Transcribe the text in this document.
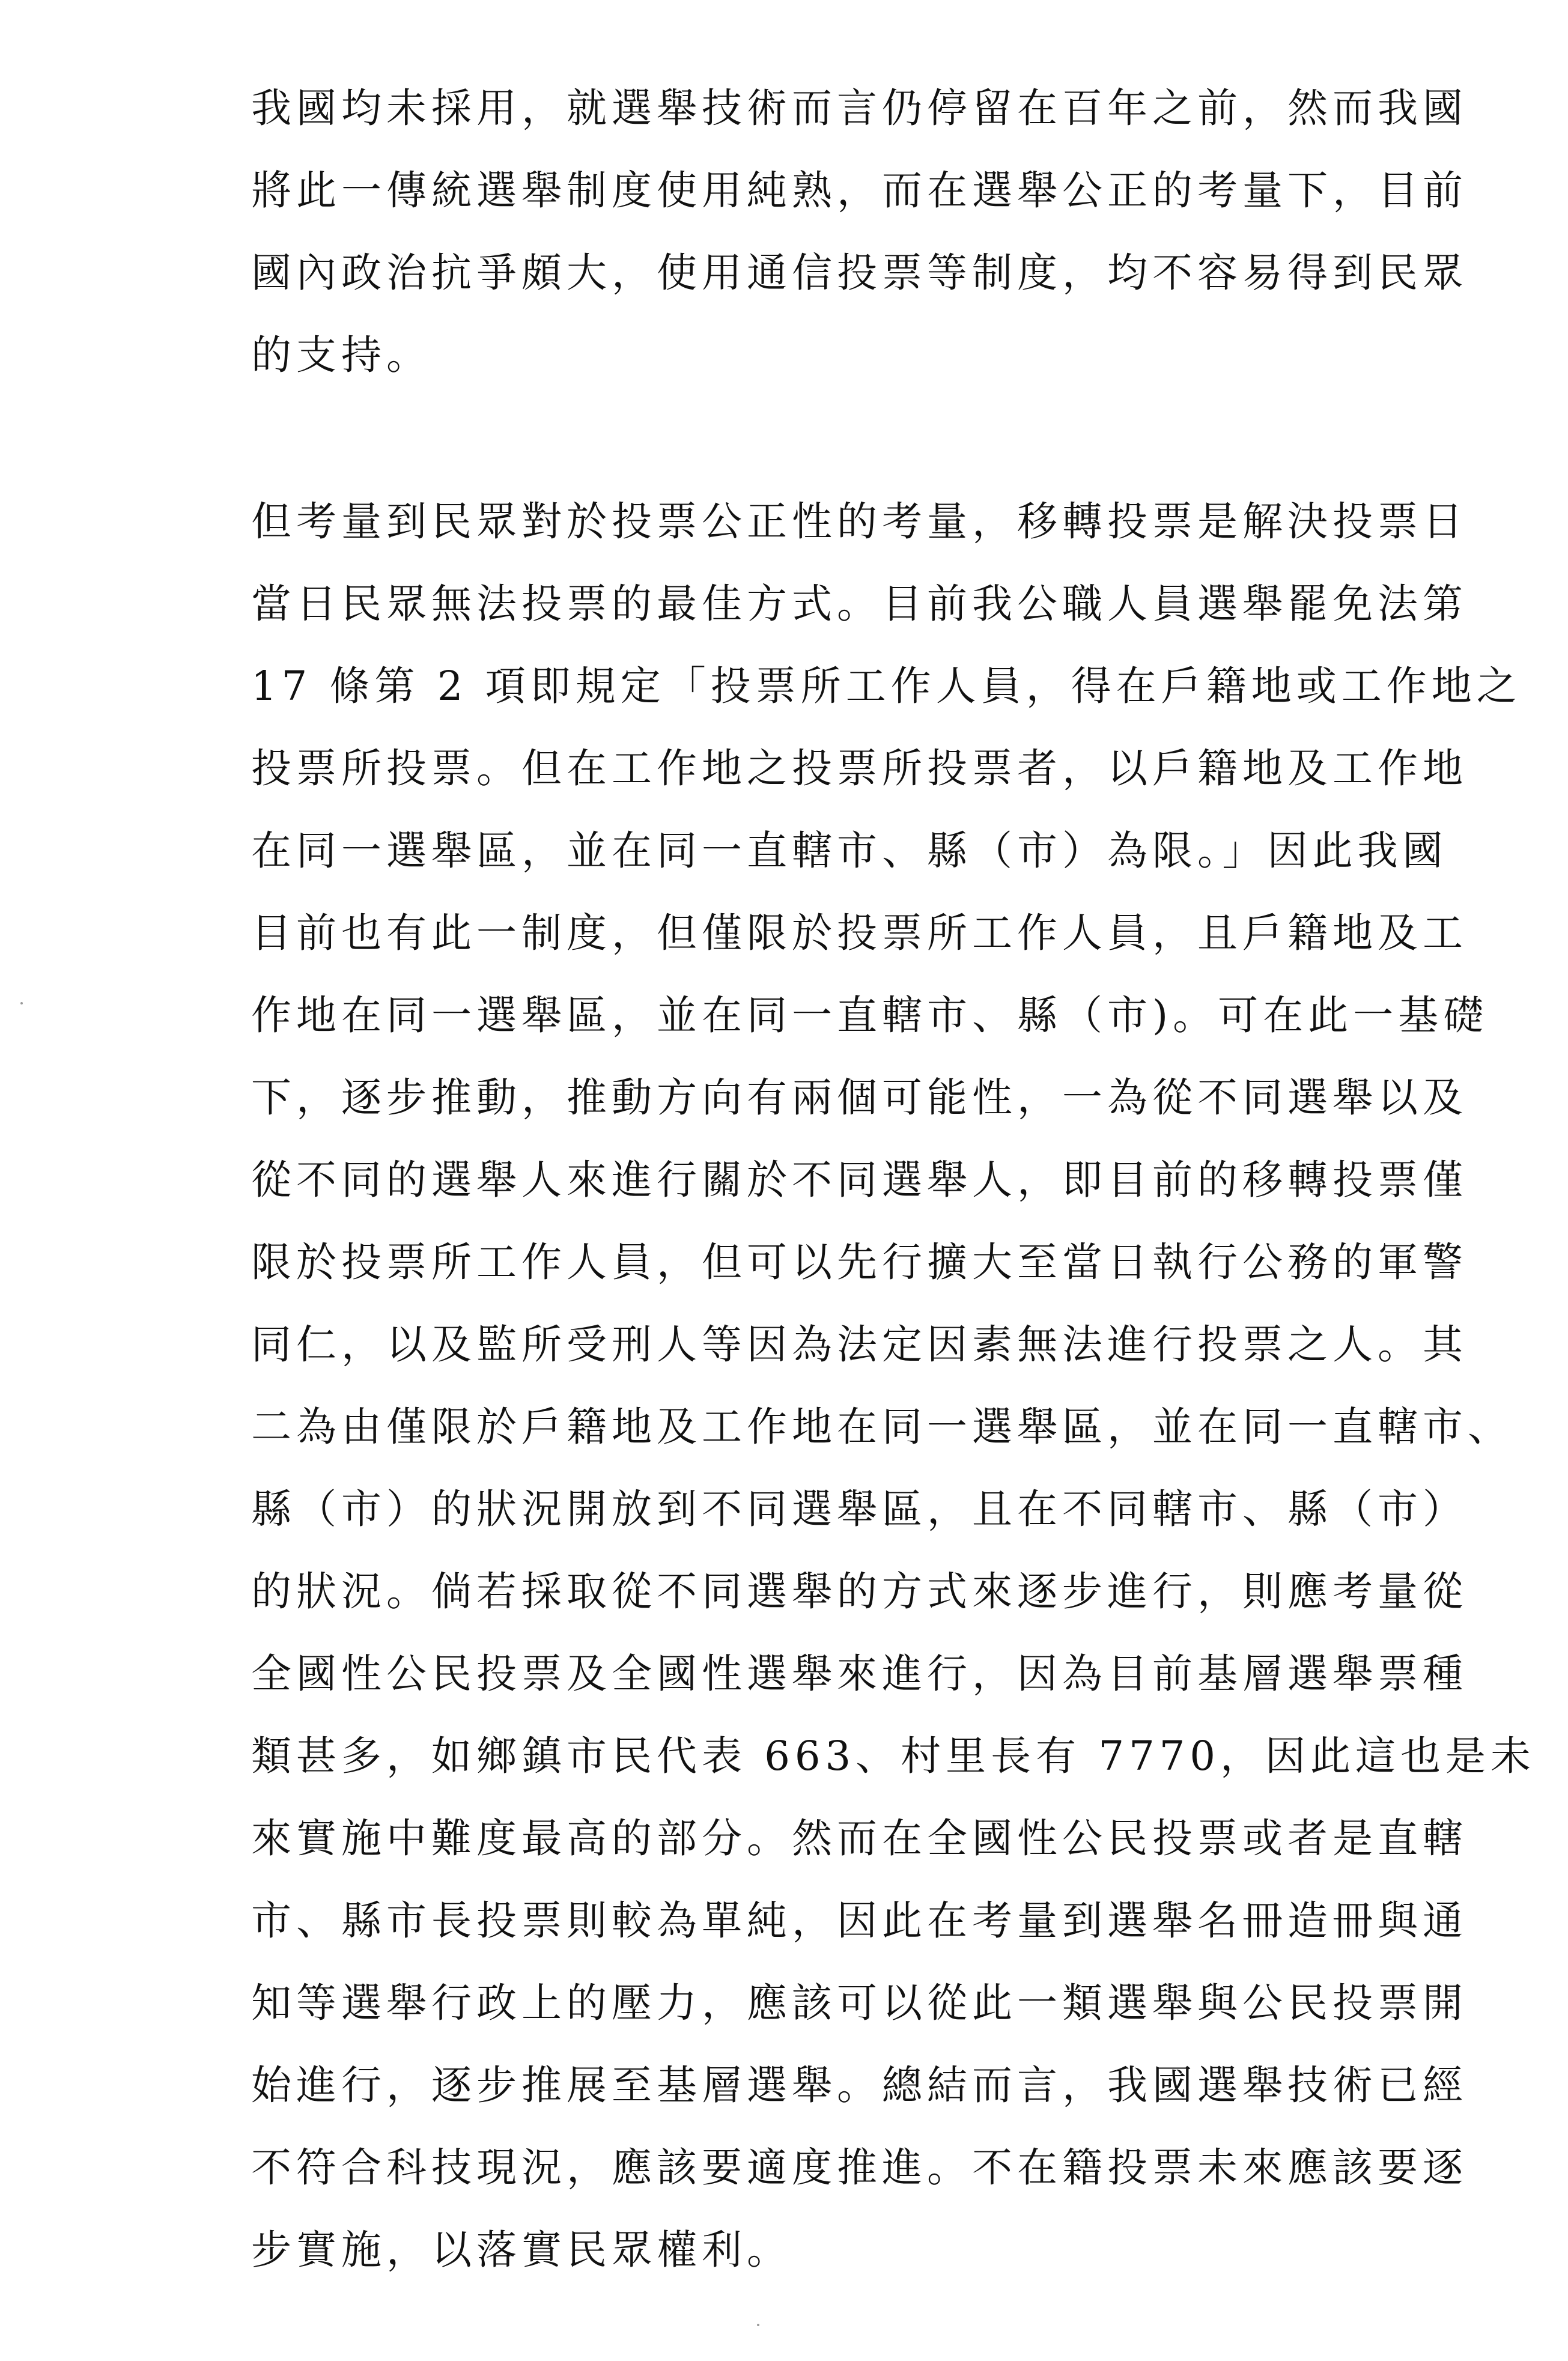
我國均未採用，就選舉技術而言仍停留在百年之前，然而我國
將此一傳統選舉制度使用純熟，而在選舉公正的考量下，目前
國內政治抗爭頗大，使用通信投票等制度，均不容易得到民眾
的支持。
但考量到民眾對於投票公正性的考量，移轉投票是解決投票日
當日民眾無法投票的最佳方式。目前我公職人員選舉罷免法第
17 條第 2 項即規定「投票所工作人員，得在戶籍地或工作地之
投票所投票。但在工作地之投票所投票者，以戶籍地及工作地
在同一選舉區，並在同一直轄市、縣（市）為限。」因此我國
目前也有此一制度，但僅限於投票所工作人員，且戶籍地及工
作地在同一選舉區，並在同一直轄市、縣（市)。可在此一基礎
下，逐步推動，推動方向有兩個可能性，一為從不同選舉以及
從不同的選舉人來進行關於不同選舉人，即目前的移轉投票僅
限於投票所工作人員，但可以先行擴大至當日執行公務的軍警
同仁，以及監所受刑人等因為法定因素無法進行投票之人。其
二為由僅限於戶籍地及工作地在同一選舉區，並在同一直轄市、
縣（市）的狀況開放到不同選舉區，且在不同轄市、縣（市）
的狀況。倘若採取從不同選舉的方式來逐步進行，則應考量從
全國性公民投票及全國性選舉來進行，因為目前基層選舉票種
類甚多，如鄉鎮市民代表 663、村里長有 7770，因此這也是未
來實施中難度最高的部分。然而在全國性公民投票或者是直轄
市、縣市長投票則較為單純，因此在考量到選舉名冊造冊與通
知等選舉行政上的壓力，應該可以從此一類選舉與公民投票開
始進行，逐步推展至基層選舉。總結而言，我國選舉技術已經
不符合科技現況，應該要適度推進。不在籍投票未來應該要逐
步實施，以落實民眾權利。
